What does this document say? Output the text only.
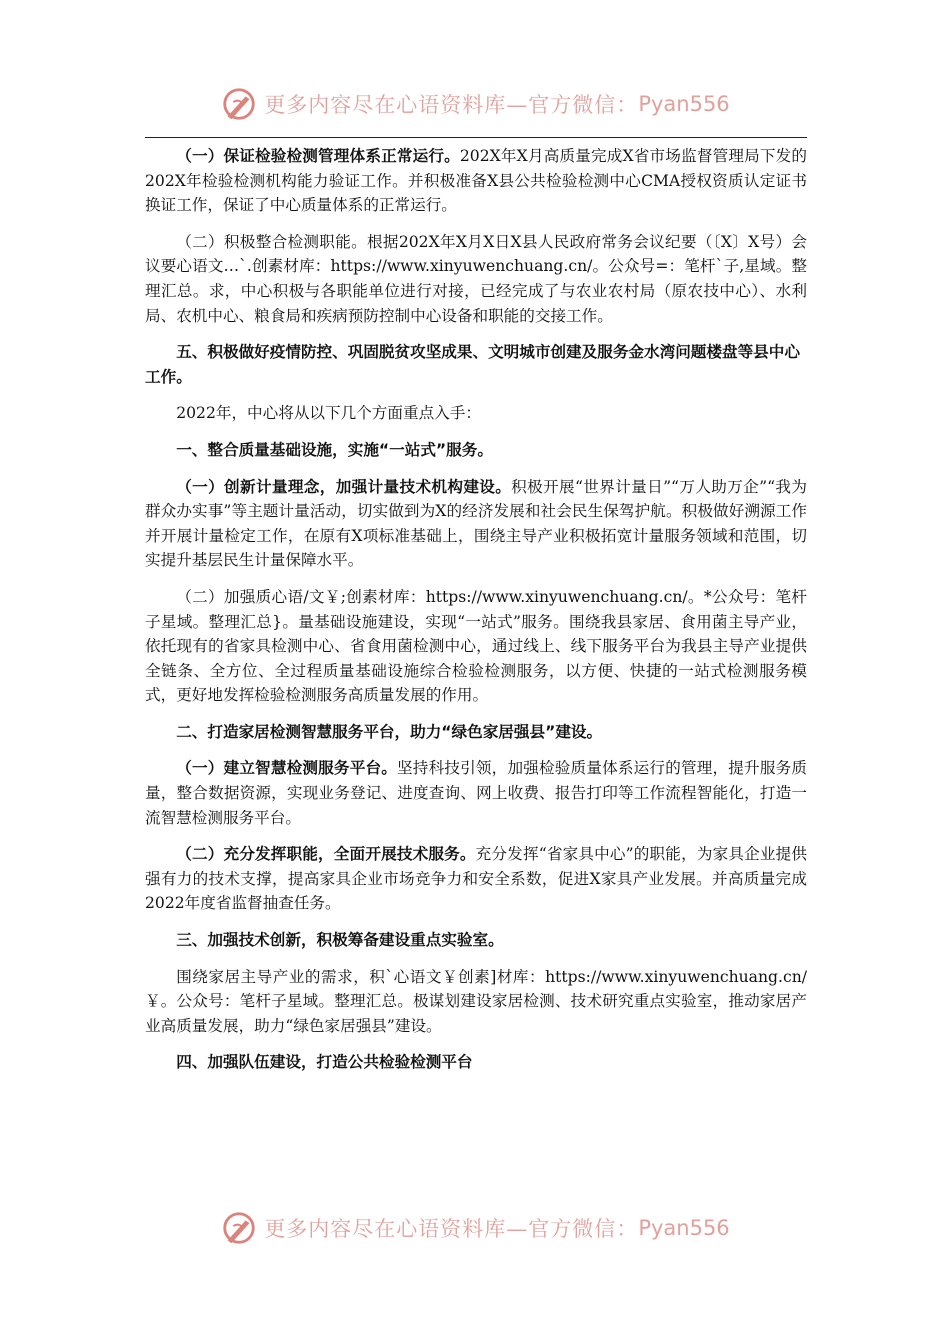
更多内容尽在心语资料库—官方微信： Pyan556

（一）保证检验检测管理体系正常运行。202X年X月高质量完成X省市场监督管理局下发的202X年检验检测机构能力验证工作。并积极准备X县公共检验检测中心CMA授权资质认定证书换证工作，保证了中心质量体系的正常运行。

（二）积极整合检测职能。根据202X年X月X日X县人民政府常务会议纪要（〔X〕X号）会议要心语文…`.创素材库：https://www.xinyuwenchuang.cn/。公众号=：笔杆`子,星域。整理汇总。求，中心积极与各职能单位进行对接，已经完成了与农业农村局（原农技中心）、水利局、农机中心、粮食局和疾病预防控制中心设备和职能的交接工作。

五、积极做好疫情防控、巩固脱贫攻坚成果、文明城市创建及服务金水湾问题楼盘等县中心工作。

2022年，中心将从以下几个方面重点入手：

一、整合质量基础设施，实施“一站式”服务。

（一）创新计量理念，加强计量技术机构建设。积极开展“世界计量日”“万人助万企”“我为群众办实事”等主题计量活动，切实做到为X的经济发展和社会民生保驾护航。积极做好溯源工作并开展计量检定工作，在原有X项标准基础上，围绕主导产业积极拓宽计量服务领域和范围，切实提升基层民生计量保障水平。

（二）加强质心语/文￥;创素材库：https://www.xinyuwenchuang.cn/。*公众号：笔杆子星域。整理汇总}。量基础设施建设，实现“一站式”服务。围绕我县家居、食用菌主导产业，依托现有的省家具检测中心、省食用菌检测中心，通过线上、线下服务平台为我县主导产业提供全链条、全方位、全过程质量基础设施综合检验检测服务，以方便、快捷的一站式检测服务模式，更好地发挥检验检测服务高质量发展的作用。

二、打造家居检测智慧服务平台，助力“绿色家居强县”建设。

（一）建立智慧检测服务平台。坚持科技引领，加强检验质量体系运行的管理，提升服务质量，整合数据资源，实现业务登记、进度查询、网上收费、报告打印等工作流程智能化，打造一流智慧检测服务平台。

（二）充分发挥职能，全面开展技术服务。充分发挥“省家具中心”的职能，为家具企业提供强有力的技术支撑，提高家具企业市场竞争力和安全系数，促进X家具产业发展。并高质量完成2022年度省监督抽查任务。

三、加强技术创新，积极筹备建设重点实验室。

围绕家居主导产业的需求，积`心语文￥创素]材库：https://www.xinyuwenchuang.cn/￥。公众号：笔杆子星域。整理汇总。极谋划建设家居检测、技术研究重点实验室，推动家居产业高质量发展，助力“绿色家居强县”建设。

四、加强队伍建设，打造公共检验检测平台
更多内容尽在心语资料库—官方微信： Pyan556
